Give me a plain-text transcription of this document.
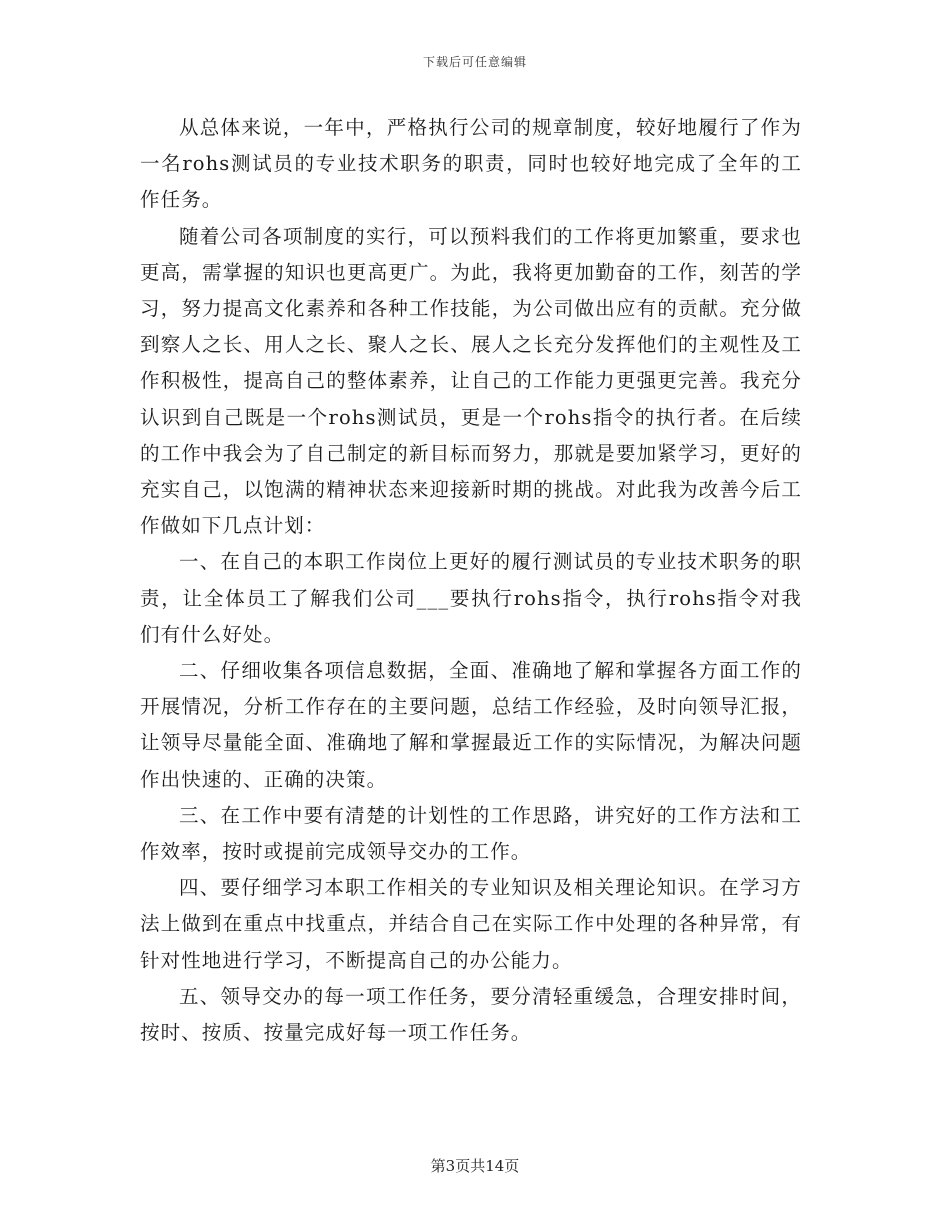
下载后可任意编辑

从总体来说，一年中，严格执行公司的规章制度，较好地履行了作为一名rohs测试员的专业技术职务的职责，同时也较好地完成了全年的工作任务。

随着公司各项制度的实行，可以预料我们的工作将更加繁重，要求也更高，需掌握的知识也更高更广。为此，我将更加勤奋的工作，刻苦的学习，努力提高文化素养和各种工作技能，为公司做出应有的贡献。充分做到察人之长、用人之长、聚人之长、展人之长充分发挥他们的主观性及工作积极性，提高自己的整体素养，让自己的工作能力更强更完善。我充分认识到自己既是一个rohs测试员，更是一个rohs指令的执行者。在后续的工作中我会为了自己制定的新目标而努力，那就是要加紧学习，更好的充实自己，以饱满的精神状态来迎接新时期的挑战。对此我为改善今后工作做如下几点计划：

一、在自己的本职工作岗位上更好的履行测试员的专业技术职务的职责，让全体员工了解我们公司___要执行rohs指令，执行rohs指令对我们有什么好处。

二、仔细收集各项信息数据，全面、准确地了解和掌握各方面工作的开展情况，分析工作存在的主要问题，总结工作经验，及时向领导汇报，让领导尽量能全面、准确地了解和掌握最近工作的实际情况，为解决问题作出快速的、正确的决策。

三、在工作中要有清楚的计划性的工作思路，讲究好的工作方法和工作效率，按时或提前完成领导交办的工作。

四、要仔细学习本职工作相关的专业知识及相关理论知识。在学习方法上做到在重点中找重点，并结合自己在实际工作中处理的各种异常，有针对性地进行学习，不断提高自己的办公能力。

五、领导交办的每一项工作任务，要分清轻重缓急，合理安排时间，按时、按质、按量完成好每一项工作任务。

第3页共14页
